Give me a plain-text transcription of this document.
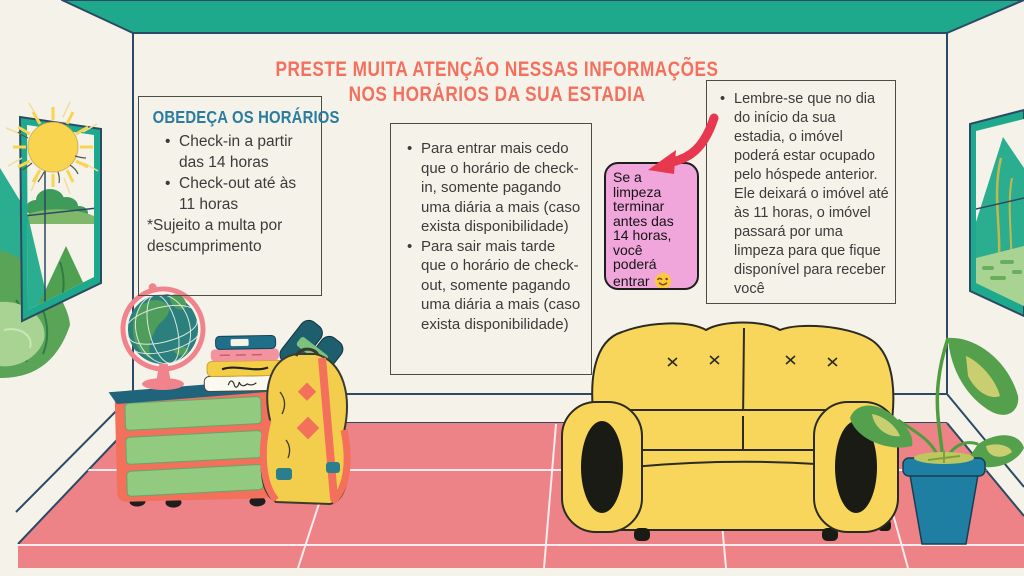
PRESTE MUITA ATENÇÃO NESSAS INFORMAÇÕES
NOS HORÁRIOS DA SUA ESTADIA
OBEDEÇA OS HORÁRIOS
• Check-in a partir das 14 horas
• Check-out até às 11 horas
*Sujeito a multa por descumprimento
• Para entrar mais cedo que o horário de check-in, somente pagando uma diária a mais (caso exista disponibilidade)
• Para sair mais tarde que o horário de check-out, somente pagando uma diária a mais (caso exista disponibilidade)
• Lembre-se que no dia do início da sua estadia, o imóvel poderá estar ocupado pelo hóspede anterior. Ele deixará o imóvel até às 11 horas, o imóvel passará por uma limpeza para que fique disponível para receber você
Se a limpeza terminar antes das 14 horas, você poderá entrar
